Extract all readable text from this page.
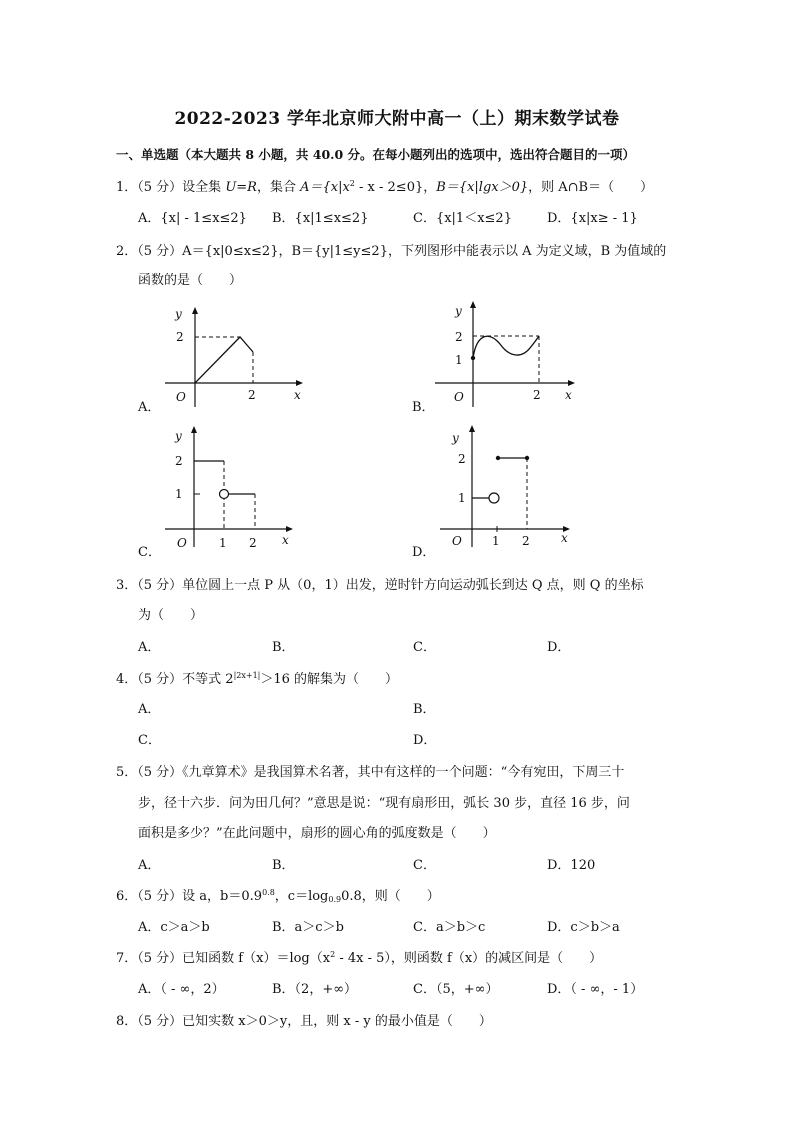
2022-2023 学年北京师大附中高一（上）期末数学试卷
一、单选题（本大题共 8 小题，共 40.0 分。在每小题列出的选项中，选出符合题目的一项）
1．（5 分）设全集 U=R，集合 $A=\{x|x^2 - x - 2\le 0\}$，B＝{x|lgx＞0}，则 A∩B＝（　　）
A．{x| - 1≤x≤2} B．{x|1≤x≤2}	C．{x|1＜x≤2}	D．{x|x≥ - 1}
2．（5 分）A＝{x|0≤x≤2}，B＝{y|1≤y≤2}，下列图形中能表示以 A 为定义域，B 为值域的
函数的是（　　）
A．
y
x
O
2
2
B．
y
x
O
2
1
2
C．
y
x
O
2
1
1 2
D．
y
x
O
2
1
1 2
3．（5 分）单位圆上一点 P 从（0，1）出发，逆时针方向运动弧长到达 Q 点，则 Q 的坐标
为（　　）
A．	B．	C．	D．
4．（5 分）不等式 $2^{|2x+1|}>16$ 的解集为（　　）
A．	B．
C．	D．
5．（5 分）《九章算术》是我国算术名著，其中有这样的一个问题：“今有宛田，下周三十
步，径十六步．问为田几何？”意思是说：“现有扇形田，弧长 30 步，直径 16 步，问
面积是多少？”在此问题中，扇形的圆心角的弧度数是（　　）
A．	B．	C．	D．120
6．（5 分）设 a，$b=0.9^{0.8}$，$c=\log_{0.9}0.8$，则（　　）
A．c＞a＞b	B．a＞c＞b	C．a＞b＞c	D．c＞b＞a
7．（5 分）已知函数 $f(x)=\log(x^2 - 4x - 5)$，则函数 f（x）的减区间是（　　）
A．（ - ∞，2）	B．（2，+∞）	C．（5，+∞）	D．（ - ∞，- 1）
8．（5 分）已知实数 x＞0＞y，且，则 x - y 的最小值是（　　）
